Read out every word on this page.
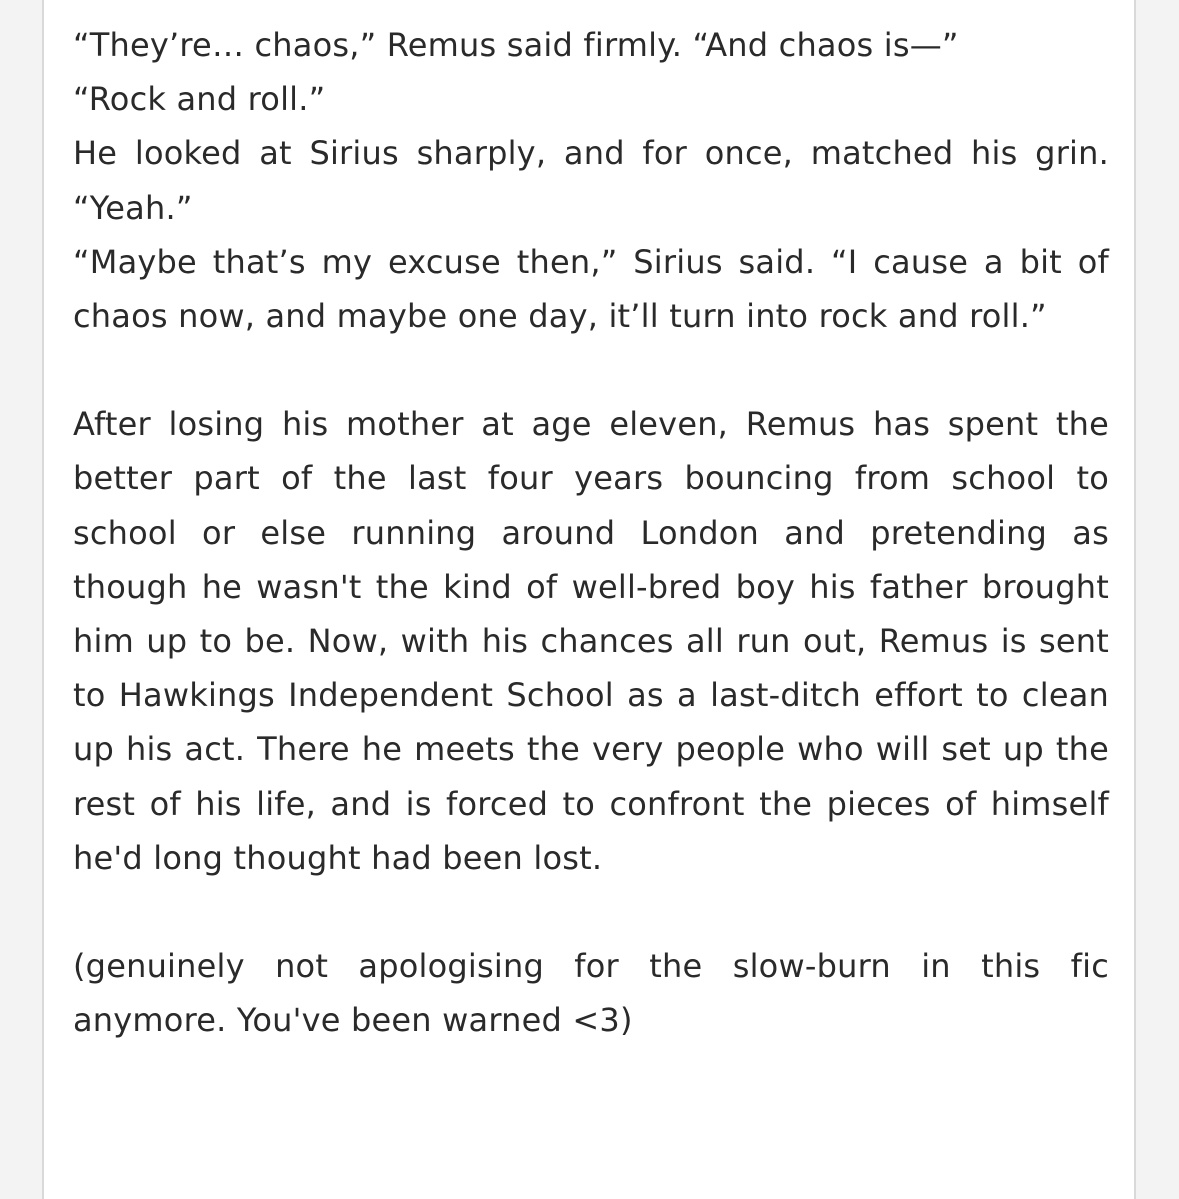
“They’re… chaos,” Remus said firmly. “And chaos is—”

“Rock and roll.”

He looked at Sirius sharply, and for once, matched his grin. “Yeah.”

“Maybe that’s my excuse then,” Sirius said. “I cause a bit of chaos now, and maybe one day, it’ll turn into rock and roll.”

After losing his mother at age eleven, Remus has spent the better part of the last four years bouncing from school to school or else running around London and pretending as though he wasn't the kind of well-bred boy his father brought him up to be. Now, with his chances all run out, Remus is sent to Hawkings Independent School as a last-ditch effort to clean up his act. There he meets the very people who will set up the rest of his life, and is forced to confront the pieces of himself he'd long thought had been lost.

(genuinely not apologising for the slow-burn in this fic anymore. You've been warned <3)
